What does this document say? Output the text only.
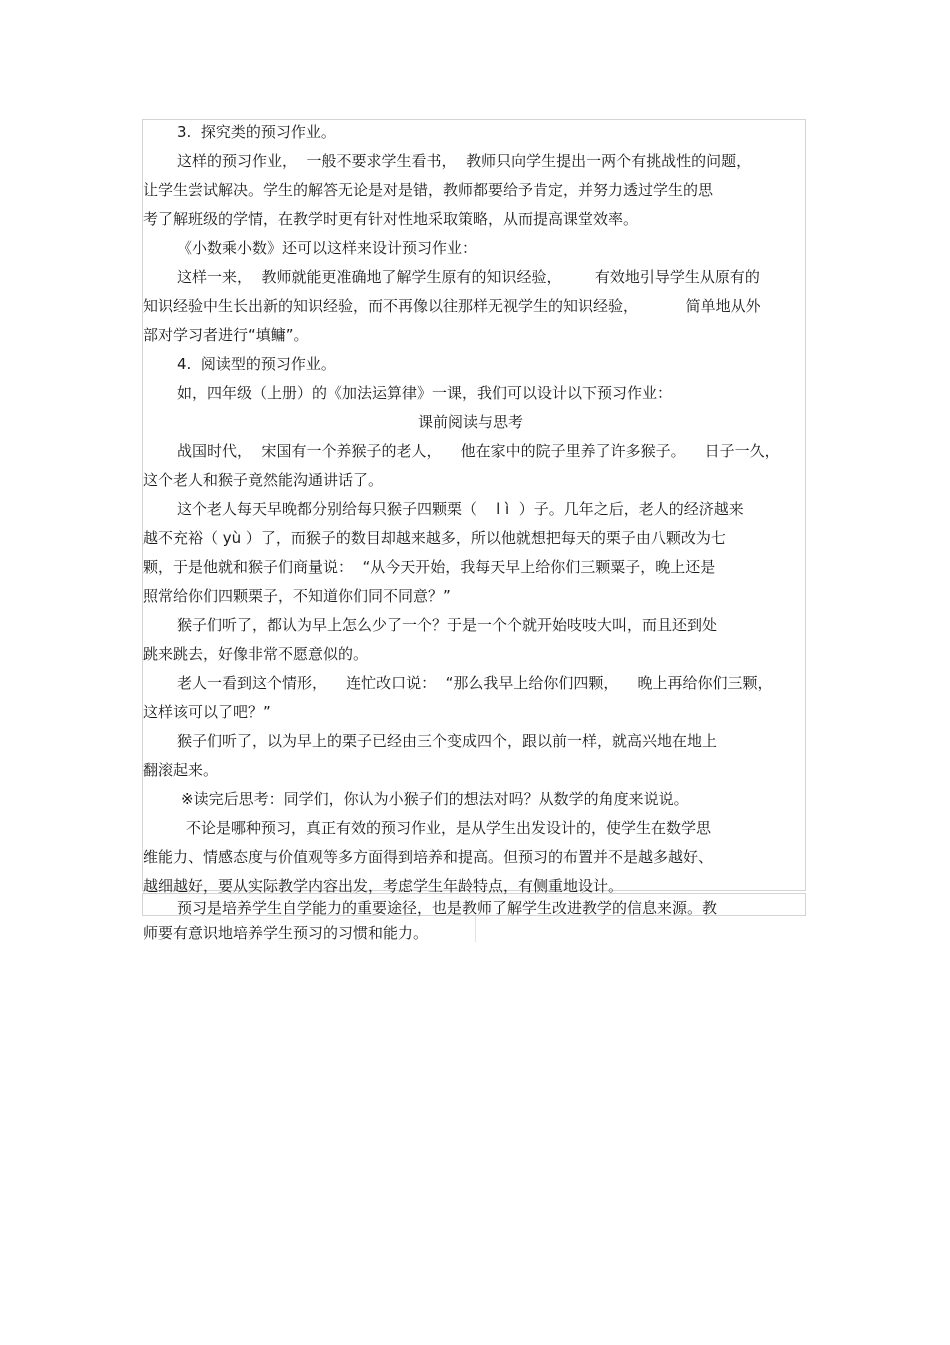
3.  探究类的预习作业。
这样的预习作业，  一般不要求学生看书，  教师只向学生提出一两个有挑战性的问题，
让学生尝试解决。学生的解答无论是对是错，教师都要给予肯定，并努力透过学生的思
考了解班级的学情，在教学时更有针对性地采取策略，从而提高课堂效率。
《小数乘小数》还可以这样来设计预习作业：
这样一来，  教师就能更准确地了解学生原有的知识经验，       有效地引导学生从原有的
知识经验中生长出新的知识经验，而不再像以往那样无视学生的知识经验，          简单地从外
部对学习者进行“填鳙”。
4.  阅读型的预习作业。
如，四年级（上册）的《加法运算律》一课，我们可以设计以下预习作业：
课前阅读与思考
战国时代，  宋国有一个养猴子的老人，    他在家中的院子里养了许多猴子。    日子一久，
这个老人和猴子竟然能沟通讲话了。
这个老人每天早晚都分别给每只猴子四颗栗（    l ì  ）子。几年之后，老人的经济越来
越不充裕（ yù ）了，而猴子的数目却越来越多，所以他就想把每天的栗子由八颗改为七
颗，于是他就和猴子们商量说：  “从今天开始，我每天早上给你们三颗粟子，晚上还是
照常给你们四颗栗子，不知道你们同不同意？”
猴子们听了，都认为早上怎么少了一个？于是一个个就开始吱吱大叫，而且还到处
跳来跳去，好像非常不愿意似的。
老人一看到这个情形，    连忙改口说：  “那么我早上给你们四颗，    晚上再给你们三颗，
这样该可以了吧？”
猴子们听了，以为早上的栗子已经由三个变成四个，跟以前一样，就高兴地在地上
翻滚起来。
※读完后思考：同学们，你认为小猴子们的想法对吗？从数学的角度来说说。
不论是哪种预习，真正有效的预习作业，是从学生出发设计的，使学生在数学思
维能力、情感态度与价值观等多方面得到培养和提高。但预习的布置并不是越多越好、
越细越好，要从实际教学内容出发，考虑学生年龄特点，有侧重地设计。
预习是培养学生自学能力的重要途径，也是教师了解学生改进教学的信息来源。教
师要有意识地培养学生预习的习惯和能力。
